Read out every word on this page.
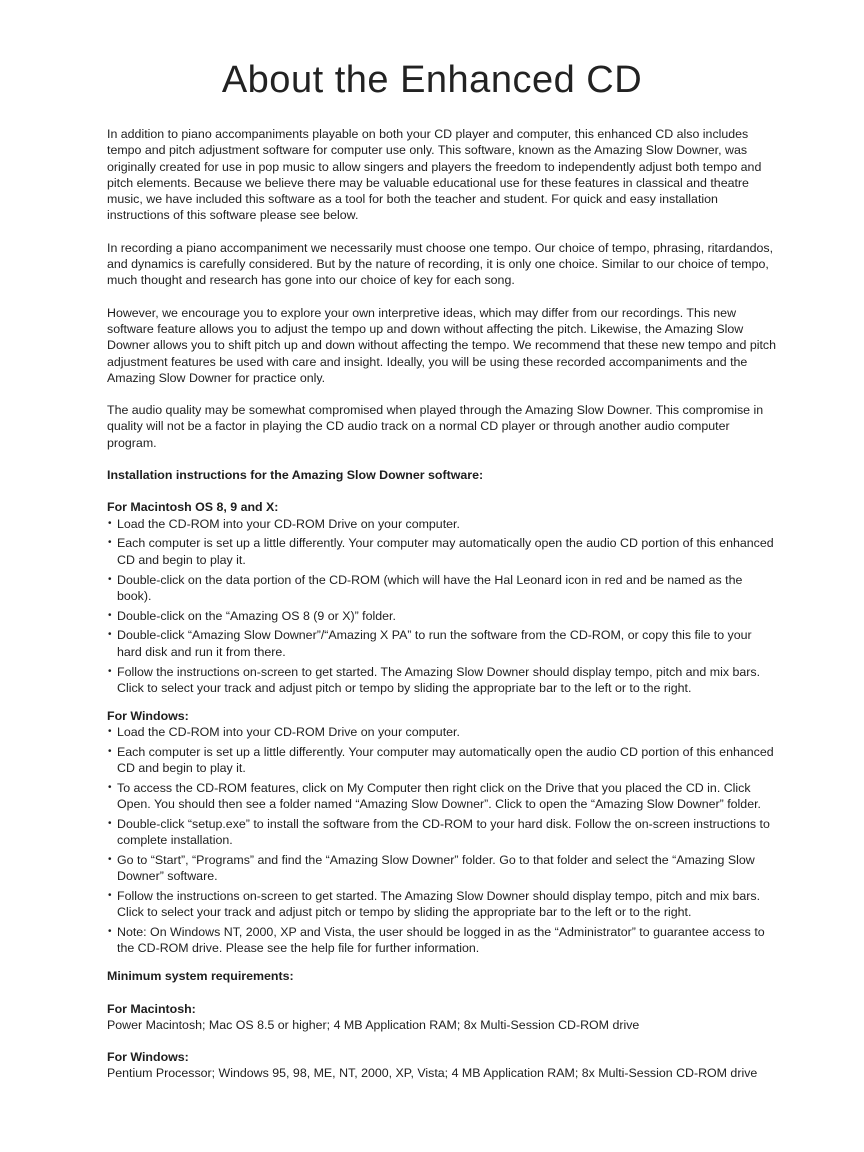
About the Enhanced CD

In addition to piano accompaniments playable on both your CD player and computer, this enhanced CD also includes tempo and pitch adjustment software for computer use only. This software, known as the Amazing Slow Downer, was originally created for use in pop music to allow singers and players the freedom to independently adjust both tempo and pitch elements. Because we believe there may be valuable educational use for these features in classical and theatre music, we have included this software as a tool for both the teacher and student. For quick and easy installation instructions of this software please see below.

In recording a piano accompaniment we necessarily must choose one tempo. Our choice of tempo, phrasing, ritardandos, and dynamics is carefully considered. But by the nature of recording, it is only one choice. Similar to our choice of tempo, much thought and research has gone into our choice of key for each song.

However, we encourage you to explore your own interpretive ideas, which may differ from our recordings. This new software feature allows you to adjust the tempo up and down without affecting the pitch. Likewise, the Amazing Slow Downer allows you to shift pitch up and down without affecting the tempo. We recommend that these new tempo and pitch adjustment features be used with care and insight. Ideally, you will be using these recorded accompaniments and the Amazing Slow Downer for practice only.

The audio quality may be somewhat compromised when played through the Amazing Slow Downer. This compromise in quality will not be a factor in playing the CD audio track on a normal CD player or through another audio computer program.

Installation instructions for the Amazing Slow Downer software:
For Macintosh OS 8, 9 and X:
• Load the CD-ROM into your CD-ROM Drive on your computer.
• Each computer is set up a little differently. Your computer may automatically open the audio CD portion of this enhanced CD and begin to play it.
• Double-click on the data portion of the CD-ROM (which will have the Hal Leonard icon in red and be named as the book).
• Double-click on the “Amazing OS 8 (9 or X)” folder.
• Double-click “Amazing Slow Downer”/“Amazing X PA” to run the software from the CD-ROM, or copy this file to your hard disk and run it from there.
• Follow the instructions on-screen to get started. The Amazing Slow Downer should display tempo, pitch and mix bars. Click to select your track and adjust pitch or tempo by sliding the appropriate bar to the left or to the right.
For Windows:
• Load the CD-ROM into your CD-ROM Drive on your computer.
• Each computer is set up a little differently. Your computer may automatically open the audio CD portion of this enhanced CD and begin to play it.
• To access the CD-ROM features, click on My Computer then right click on the Drive that you placed the CD in. Click Open. You should then see a folder named “Amazing Slow Downer”. Click to open the “Amazing Slow Downer” folder.
• Double-click “setup.exe” to install the software from the CD-ROM to your hard disk. Follow the on-screen instructions to complete installation.
• Go to “Start”, “Programs” and find the “Amazing Slow Downer” folder. Go to that folder and select the “Amazing Slow Downer” software.
• Follow the instructions on-screen to get started. The Amazing Slow Downer should display tempo, pitch and mix bars. Click to select your track and adjust pitch or tempo by sliding the appropriate bar to the left or to the right.
• Note: On Windows NT, 2000, XP and Vista, the user should be logged in as the “Administrator” to guarantee access to the CD-ROM drive. Please see the help file for further information.
Minimum system requirements:
For Macintosh:
Power Macintosh; Mac OS 8.5 or higher; 4 MB Application RAM; 8x Multi-Session CD-ROM drive
For Windows:
Pentium Processor; Windows 95, 98, ME, NT, 2000, XP, Vista; 4 MB Application RAM; 8x Multi-Session CD-ROM drive
